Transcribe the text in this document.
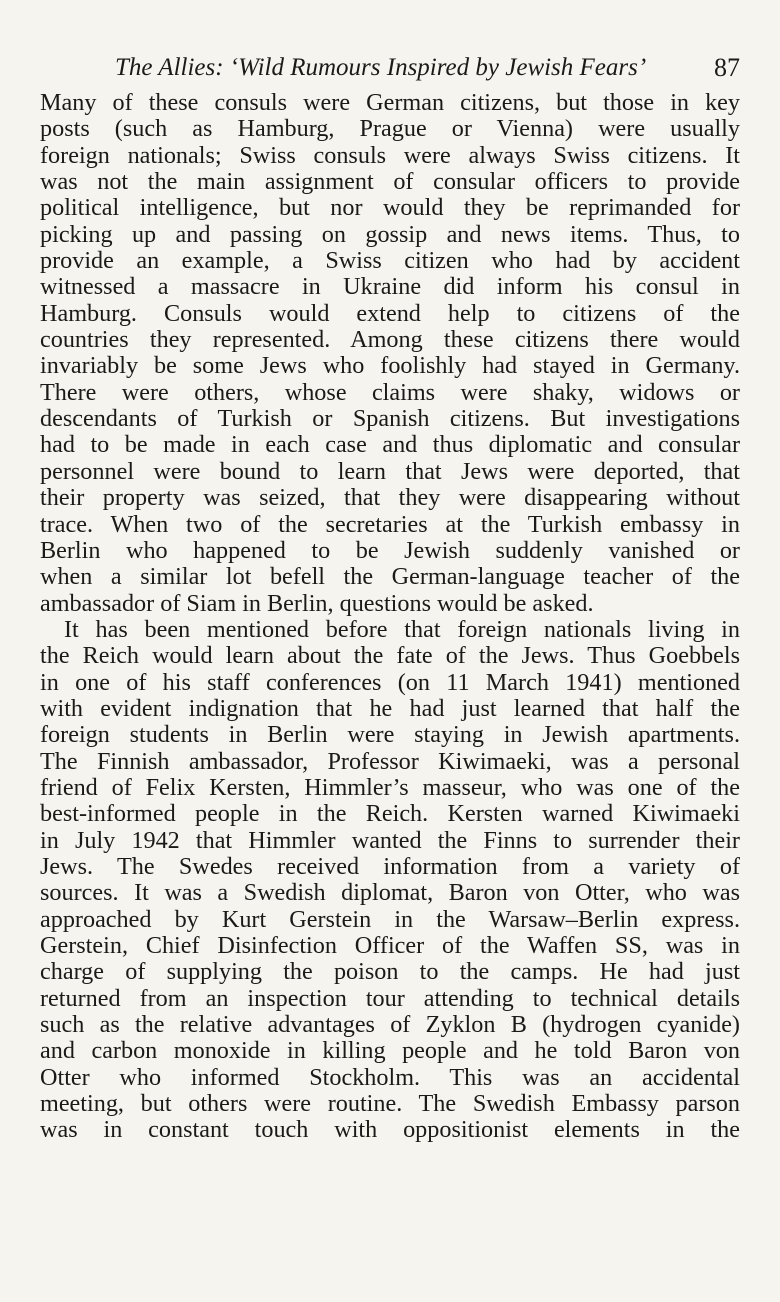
The Allies: ‘Wild Rumours Inspired by Jewish Fears’	87
Many of these consuls were German citizens, but those in key
posts (such as Hamburg, Prague or Vienna) were usually
foreign nationals; Swiss consuls were always Swiss citizens. It
was not the main assignment of consular officers to provide
political intelligence, but nor would they be reprimanded for
picking up and passing on gossip and news items. Thus, to
provide an example, a Swiss citizen who had by accident
witnessed a massacre in Ukraine did inform his consul in
Hamburg. Consuls would extend help to citizens of the
countries they represented. Among these citizens there would
invariably be some Jews who foolishly had stayed in Germany.
There were others, whose claims were shaky, widows or
descendants of Turkish or Spanish citizens. But investigations
had to be made in each case and thus diplomatic and consular
personnel were bound to learn that Jews were deported, that
their property was seized, that they were disappearing without
trace. When two of the secretaries at the Turkish embassy in
Berlin who happened to be Jewish suddenly vanished or
when a similar lot befell the German-language teacher of the
ambassador of Siam in Berlin, questions would be asked.
It has been mentioned before that foreign nationals living in
the Reich would learn about the fate of the Jews. Thus Goebbels
in one of his staff conferences (on 11 March 1941) mentioned
with evident indignation that he had just learned that half the
foreign students in Berlin were staying in Jewish apartments.
The Finnish ambassador, Professor Kiwimaeki, was a personal
friend of Felix Kersten, Himmler’s masseur, who was one of the
best-informed people in the Reich. Kersten warned Kiwimaeki
in July 1942 that Himmler wanted the Finns to surrender their
Jews. The Swedes received information from a variety of
sources. It was a Swedish diplomat, Baron von Otter, who was
approached by Kurt Gerstein in the Warsaw–Berlin express.
Gerstein, Chief Disinfection Officer of the Waffen SS, was in
charge of supplying the poison to the camps. He had just
returned from an inspection tour attending to technical details
such as the relative advantages of Zyklon B (hydrogen cyanide)
and carbon monoxide in killing people and he told Baron von
Otter who informed Stockholm. This was an accidental
meeting, but others were routine. The Swedish Embassy parson
was in constant touch with oppositionist elements in the
